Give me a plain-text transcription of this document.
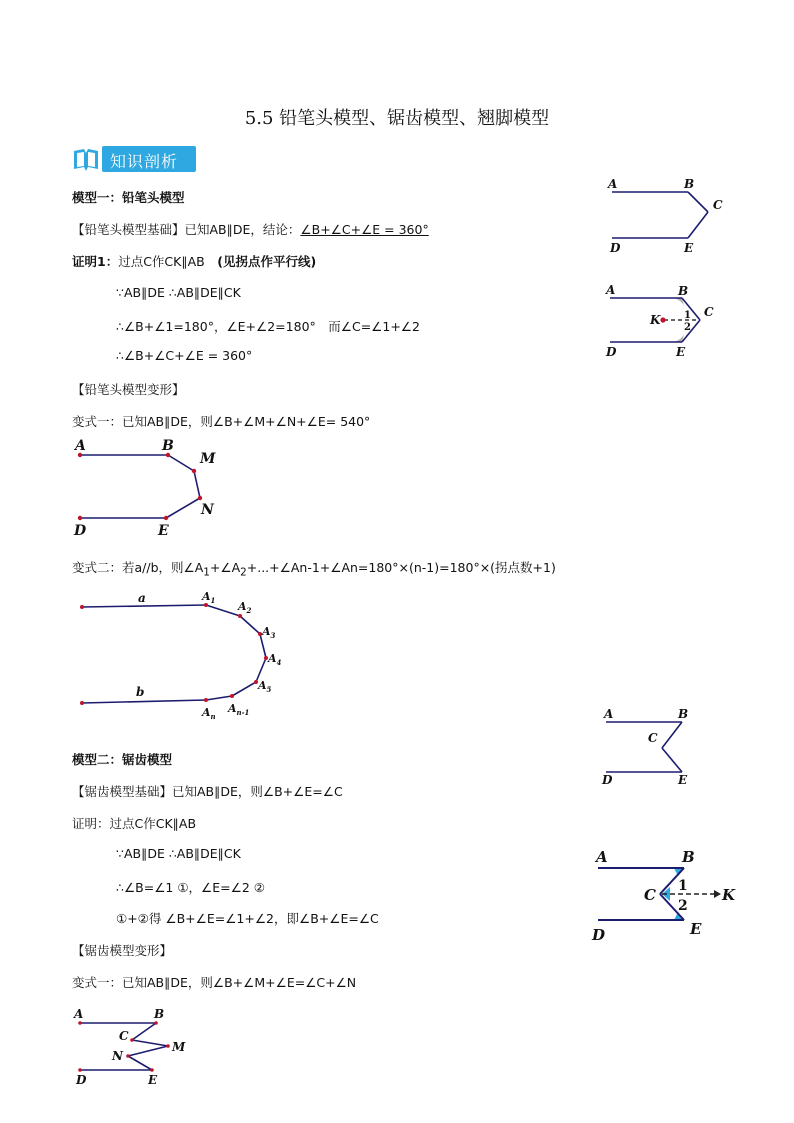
5.5 铅笔头模型、锯齿模型、翘脚模型
知识剖析
模型一：铅笔头模型
【铅笔头模型基础】已知AB∥DE，结论：∠B+∠C+∠E = 360°
证明1：过点C作CK∥AB　(见拐点作平行线)
∵AB∥DE ∴AB∥DE∥CK
∴∠B+∠1=180°，∠E+∠2=180°　而∠C=∠1+∠2
∴∠B+∠C+∠E = 360°
【铅笔头模型变形】
变式一：已知AB∥DE，则∠B+∠M+∠N+∠E= 540°
变式二：若a//b，则$\angle A_1+\angle A_2+...+\angle An-1+\angle An=180^\circ\times(n-1)=180^\circ\times$(拐点数+1)
模型二：锯齿模型
【锯齿模型基础】已知AB∥DE，则∠B+∠E=∠C
证明：过点C作CK∥AB
∵AB∥DE ∴AB∥DE∥CK
∴∠B=∠1 ①，∠E=∠2 ②
①+②得 ∠B+∠E=∠1+∠2，即∠B+∠E=∠C
【锯齿模型变形】
变式一：已知AB∥DE，则∠B+∠M+∠E=∠C+∠N
A	B
C
D	E
A	B
C
K 1
2
D	E
A	B
M
N
D	E
a
b
$A_1$ $A_2$
$A_3$
$A_4$
$A_5$
$A_{n-1}$
$A_n$	A	B
C
D	E
A	B
C	K
1
2
D	E
A	B
C
M
N
D	E
